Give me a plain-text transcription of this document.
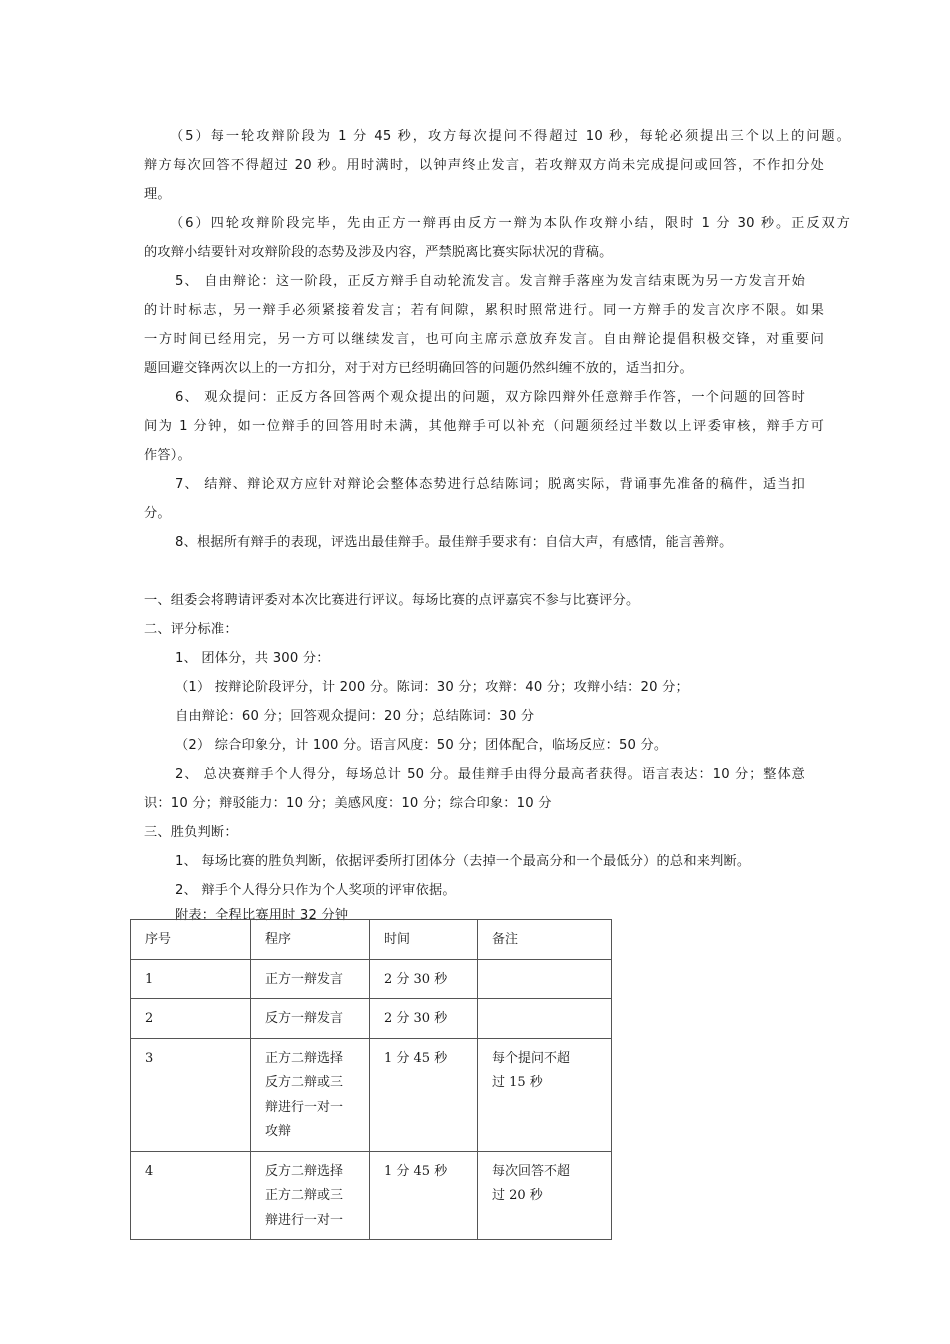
（5）每一轮攻辩阶段为 1 分 45 秒，攻方每次提问不得超过 10 秒，每轮必须提出三个以上的问题。
辩方每次回答不得超过 20 秒。用时满时，以钟声终止发言，若攻辩双方尚未完成提问或回答，不作扣分处
理。
（6）四轮攻辩阶段完毕，先由正方一辩再由反方一辩为本队作攻辩小结，限时 1 分 30 秒。正反双方
的攻辩小结要针对攻辩阶段的态势及涉及内容，严禁脱离比赛实际状况的背稿。
5、 自由辩论：这一阶段，正反方辩手自动轮流发言。发言辩手落座为发言结束既为另一方发言开始
的计时标志，另一辩手必须紧接着发言；若有间隙，累积时照常进行。同一方辩手的发言次序不限。如果
一方时间已经用完，另一方可以继续发言，也可向主席示意放弃发言。自由辩论提倡积极交锋，对重要问
题回避交锋两次以上的一方扣分，对于对方已经明确回答的问题仍然纠缠不放的，适当扣分。
6、 观众提问：正反方各回答两个观众提出的问题，双方除四辩外任意辩手作答，一个问题的回答时
间为 1 分钟，如一位辩手的回答用时未满，其他辩手可以补充（问题须经过半数以上评委审核，辩手方可
作答）。
7、 结辩、辩论双方应针对辩论会整体态势进行总结陈词；脱离实际，背诵事先准备的稿件，适当扣
分。
8、根据所有辩手的表现，评选出最佳辩手。最佳辩手要求有：自信大声，有感情，能言善辩。
一、组委会将聘请评委对本次比赛进行评议。每场比赛的点评嘉宾不参与比赛评分。
二、评分标准：
1、 团体分，共 300 分：
（1） 按辩论阶段评分，计 200 分。陈词：30 分；攻辩：40 分；攻辩小结：20 分；
自由辩论：60 分；回答观众提问：20 分；总结陈词：30 分
（2） 综合印象分，计 100 分。语言风度：50 分；团体配合，临场反应：50 分。
2、 总决赛辩手个人得分，每场总计 50 分。最佳辩手由得分最高者获得。语言表达：10 分；整体意
识：10 分；辩驳能力：10 分；美感风度：10 分；综合印象：10 分
三、胜负判断：
1、 每场比赛的胜负判断，依据评委所打团体分（去掉一个最高分和一个最低分）的总和来判断。
2、 辩手个人得分只作为个人奖项的评审依据。
附表：全程比赛用时 32 分钟
序号	程序	时间	备注
1	正方一辩发言	2 分 30 秒	
2	反方一辩发言	2 分 30 秒	
3	正方二辩选择
反方二辩或三
辩进行一对一
攻辩	1 分 45 秒	每个提问不超
过 15 秒
4	反方二辩选择
正方二辩或三
辩进行一对一	1 分 45 秒	每次回答不超
过 20 秒
